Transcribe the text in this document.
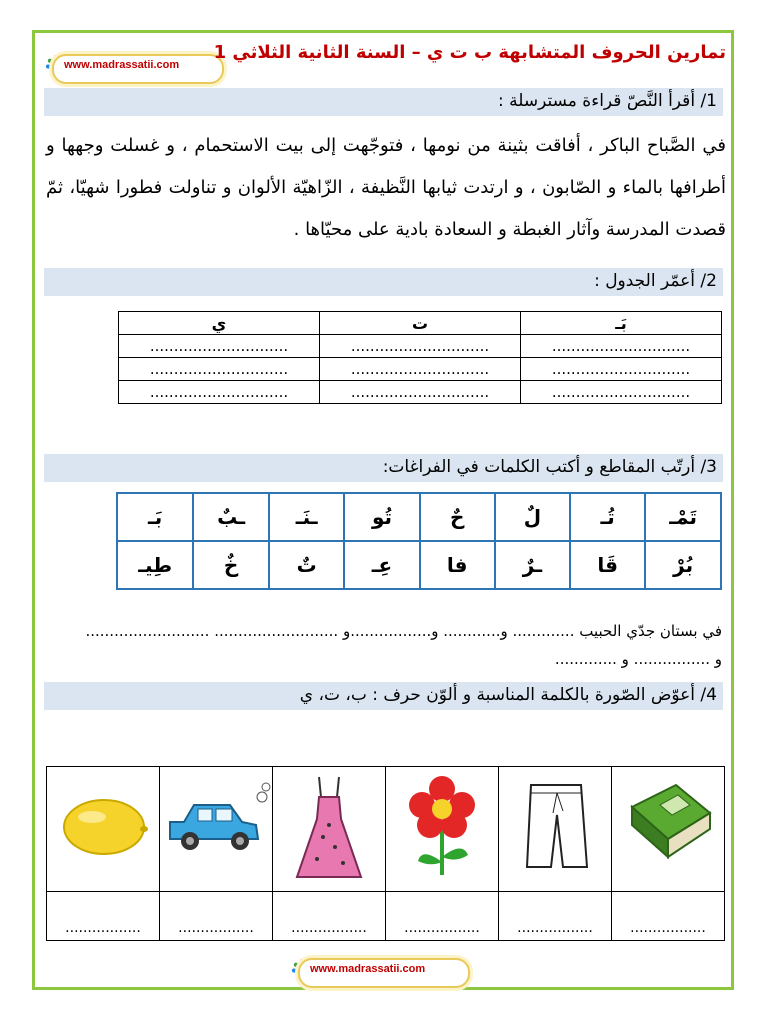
www.madrassatii.com
تمارين الحروف المتشابهة ب ت ي – السنة الثانية الثلاثي 1
1/ أقرأ النَّصّ قراءة مسترسلة :
في الصَّباح الباكر ، أفاقت بثينة من نومها ، فتوجّهت إلى بيت الاستحمام ، و غسلت وجهها و أطرافها بالماء و الصّابون ، و ارتدت ثيابها النَّظيفة ، الزّاهيّة الألوان و تناولت فطورا شهيّا، ثمّ قصدت المدرسة وآثار الغبطة و السعادة بادية على محيّاها .
2/ أعمّر الجدول :
بَـ	ت	ي
.............................	.............................	.............................
.............................	.............................	.............................
.............................	.............................	.............................
3/ أرتّب المقاطع و أكتب الكلمات في الفراغات:
تَمْـ	تُـ	لٌ	حٌ	تُو	ـنَـ	ـبٌ	بَـ
بُرْ	قَا	ـرٌ	فا	عِـ	تٌ	خٌ	طِيـ
في بستان جدّي الحبيب ............. و............ و.................و .......................... ..........................
و ................ و .............
4/ أعوّض الصّورة بالكلمة المناسبة و ألوّن حرف : ب، ت، ي

.................	.................	.................	.................	.................	.................
www.madrassatii.com
